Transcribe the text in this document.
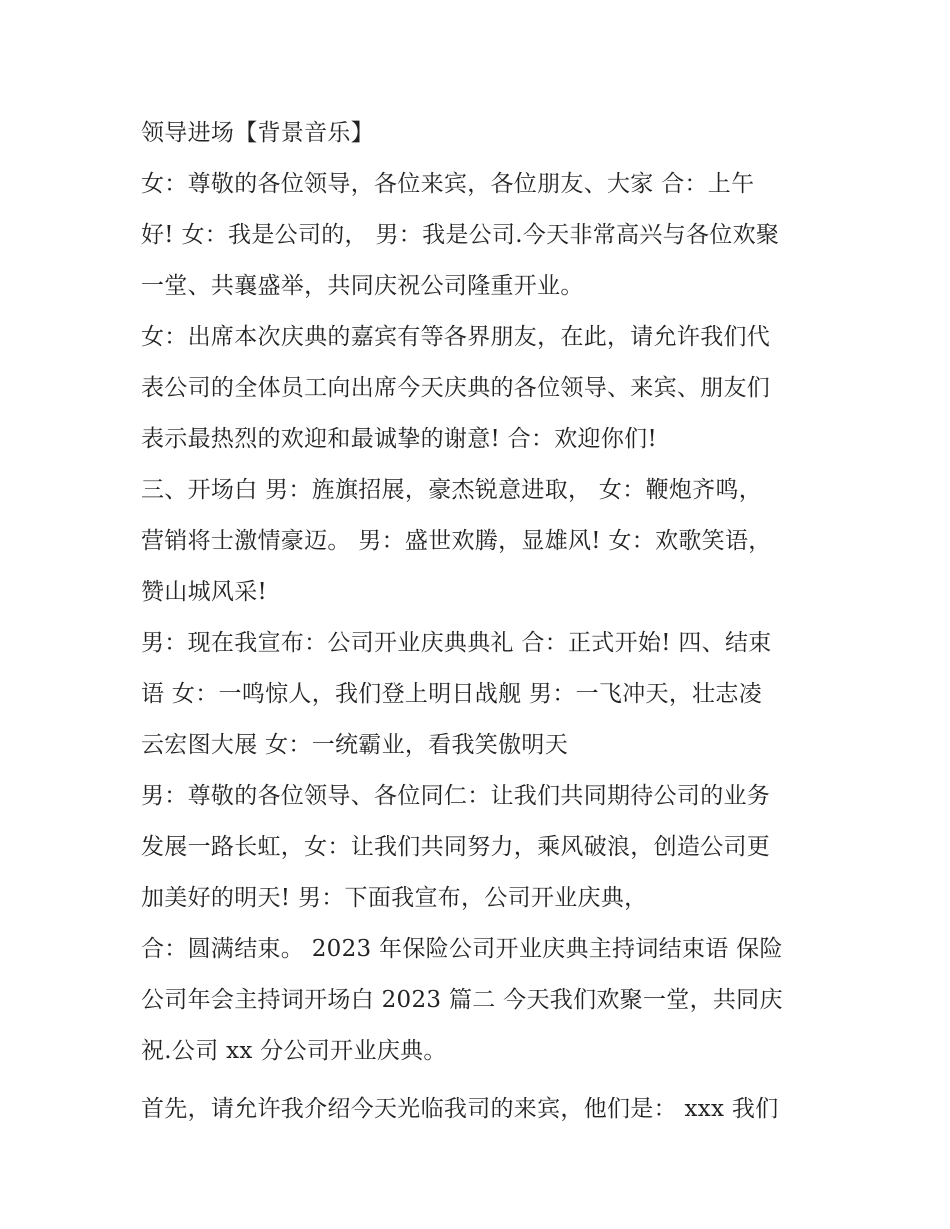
领导进场【背景音乐】
女：尊敬的各位领导，各位来宾，各位朋友、大家 合：上午
好! 女：我是公司的， 男：我是公司.今天非常高兴与各位欢聚
一堂、共襄盛举，共同庆祝公司隆重开业。
女：出席本次庆典的嘉宾有等各界朋友，在此，请允许我们代
表公司的全体员工向出席今天庆典的各位领导、来宾、朋友们
表示最热烈的欢迎和最诚挚的谢意! 合：欢迎你们!
三、开场白 男：旌旗招展，豪杰锐意进取， 女：鞭炮齐鸣，
营销将士激情豪迈。 男：盛世欢腾，显雄风! 女：欢歌笑语，
赞山城风采!
男：现在我宣布：公司开业庆典典礼 合：正式开始! 四、结束
语 女：一鸣惊人，我们登上明日战舰 男：一飞冲天，壮志凌
云宏图大展 女：一统霸业，看我笑傲明天
男：尊敬的各位领导、各位同仁：让我们共同期待公司的业务
发展一路长虹，女：让我们共同努力，乘风破浪，创造公司更
加美好的明天! 男：下面我宣布，公司开业庆典，
合：圆满结束。 2023 年保险公司开业庆典主持词结束语 保险
公司年会主持词开场白 2023 篇二 今天我们欢聚一堂，共同庆
祝.公司 xx 分公司开业庆典。
首先，请允许我介绍今天光临我司的来宾，他们是： xxx 我们
